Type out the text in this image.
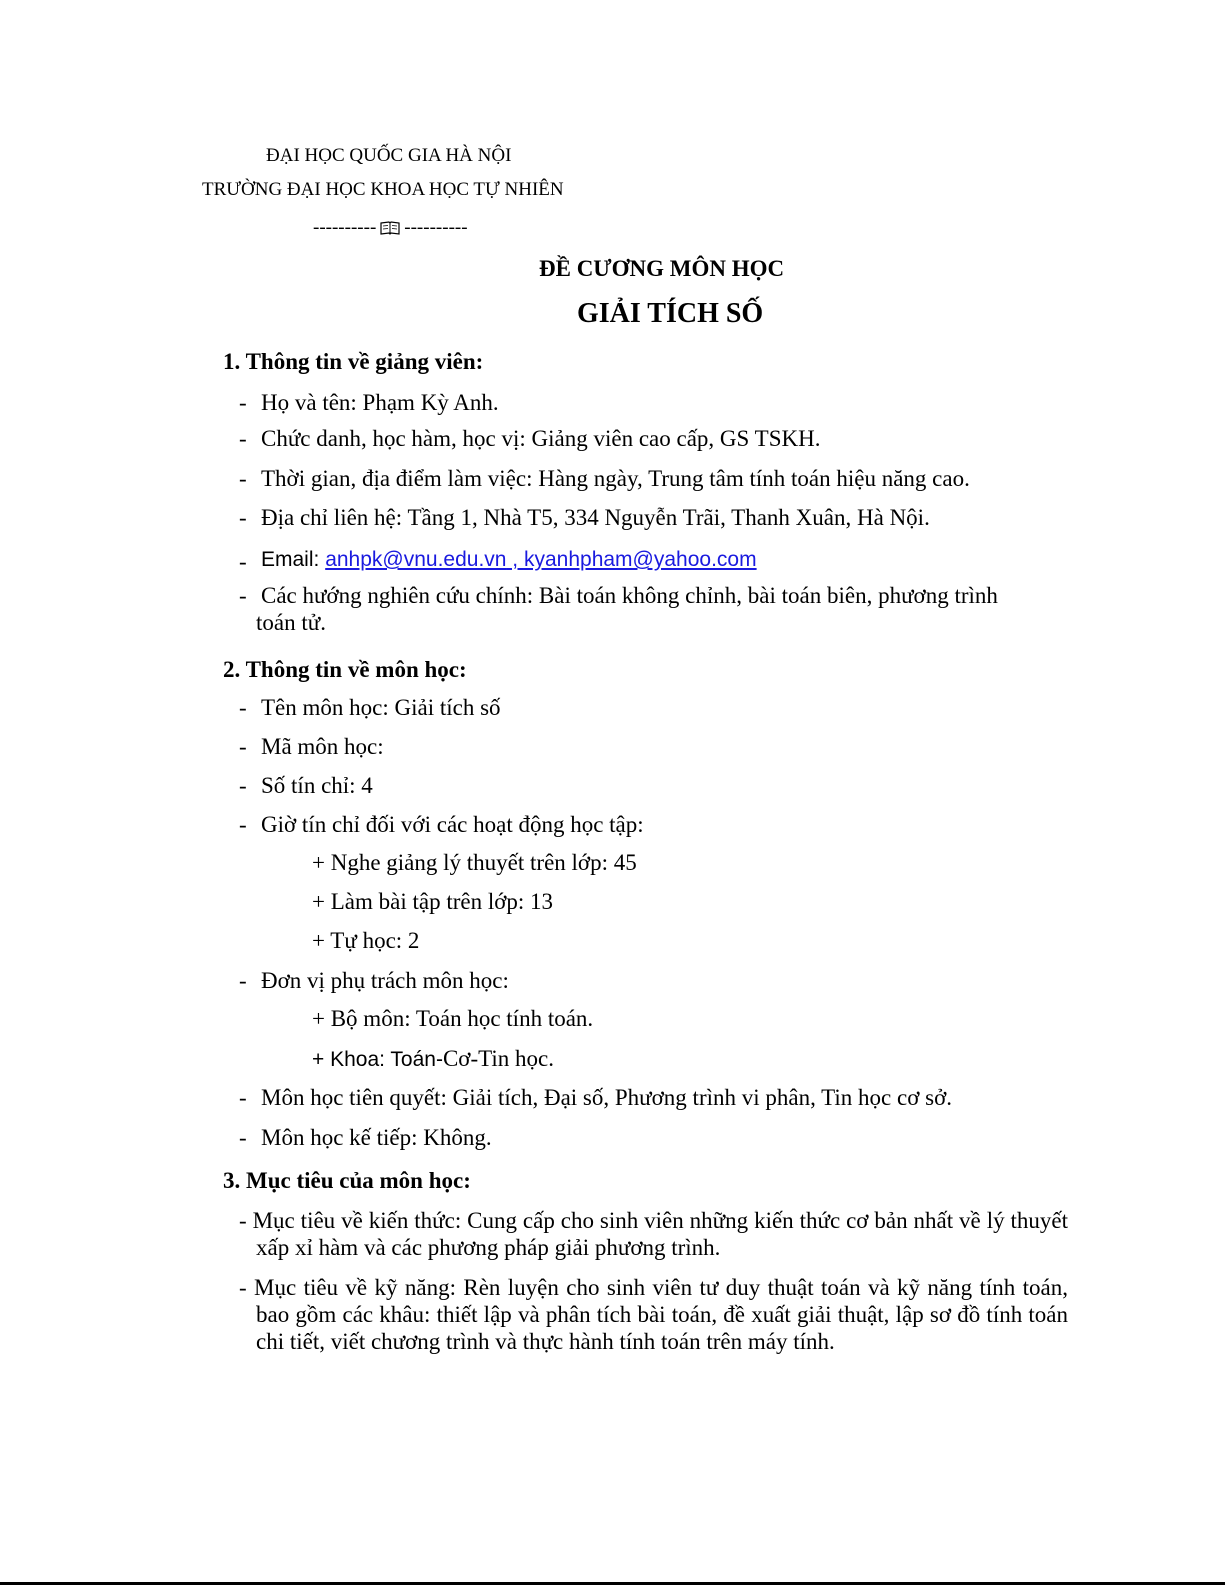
ĐẠI HỌC QUỐC GIA HÀ NỘI
TRƯỜNG ĐẠI HỌC KHOA HỌC TỰ NHIÊN
---------- ----------
ĐỀ CƯƠNG MÔN HỌC
GIẢI TÍCH SỐ
1. Thông tin về giảng viên:
- Họ và tên: Phạm Kỳ Anh.
- Chức danh, học hàm, học vị: Giảng viên cao cấp, GS TSKH.
- Thời gian, địa điểm làm việc: Hàng ngày, Trung tâm tính toán hiệu năng cao.
- Địa chỉ liên hệ: Tầng 1, Nhà T5, 334 Nguyễn Trãi, Thanh Xuân, Hà Nội.
- Email: anhpk@vnu.edu.vn , kyanhpham@yahoo.com
- Các hướng nghiên cứu chính: Bài toán không chỉnh, bài toán biên, phương trình
toán tử.
2. Thông tin về môn học:
- Tên môn học: Giải tích số
- Mã môn học:
- Số tín chỉ: 4
- Giờ tín chỉ đối với các hoạt động học tập:
+ Nghe giảng lý thuyết trên lớp: 45
+ Làm bài tập trên lớp: 13
+ Tự học: 2
- Đơn vị phụ trách môn học:
+ Bộ môn: Toán học tính toán.
+ Khoa: Toán-Cơ-Tin học.
- Môn học tiên quyết: Giải tích, Đại số, Phương trình vi phân, Tin học cơ sở.
- Môn học kế tiếp: Không.
3. Mục tiêu của môn học:
- Mục tiêu về kiến thức: Cung cấp cho sinh viên những kiến thức cơ bản nhất về lý thuyết xấp xỉ hàm và các phương pháp giải phương trình.
- Mục tiêu về kỹ năng: Rèn luyện cho sinh viên tư duy thuật toán và kỹ năng tính toán, bao gồm các khâu: thiết lập và phân tích bài toán, đề xuất giải thuật, lập sơ đồ tính toán chi tiết, viết chương trình và thực hành tính toán trên máy tính.
